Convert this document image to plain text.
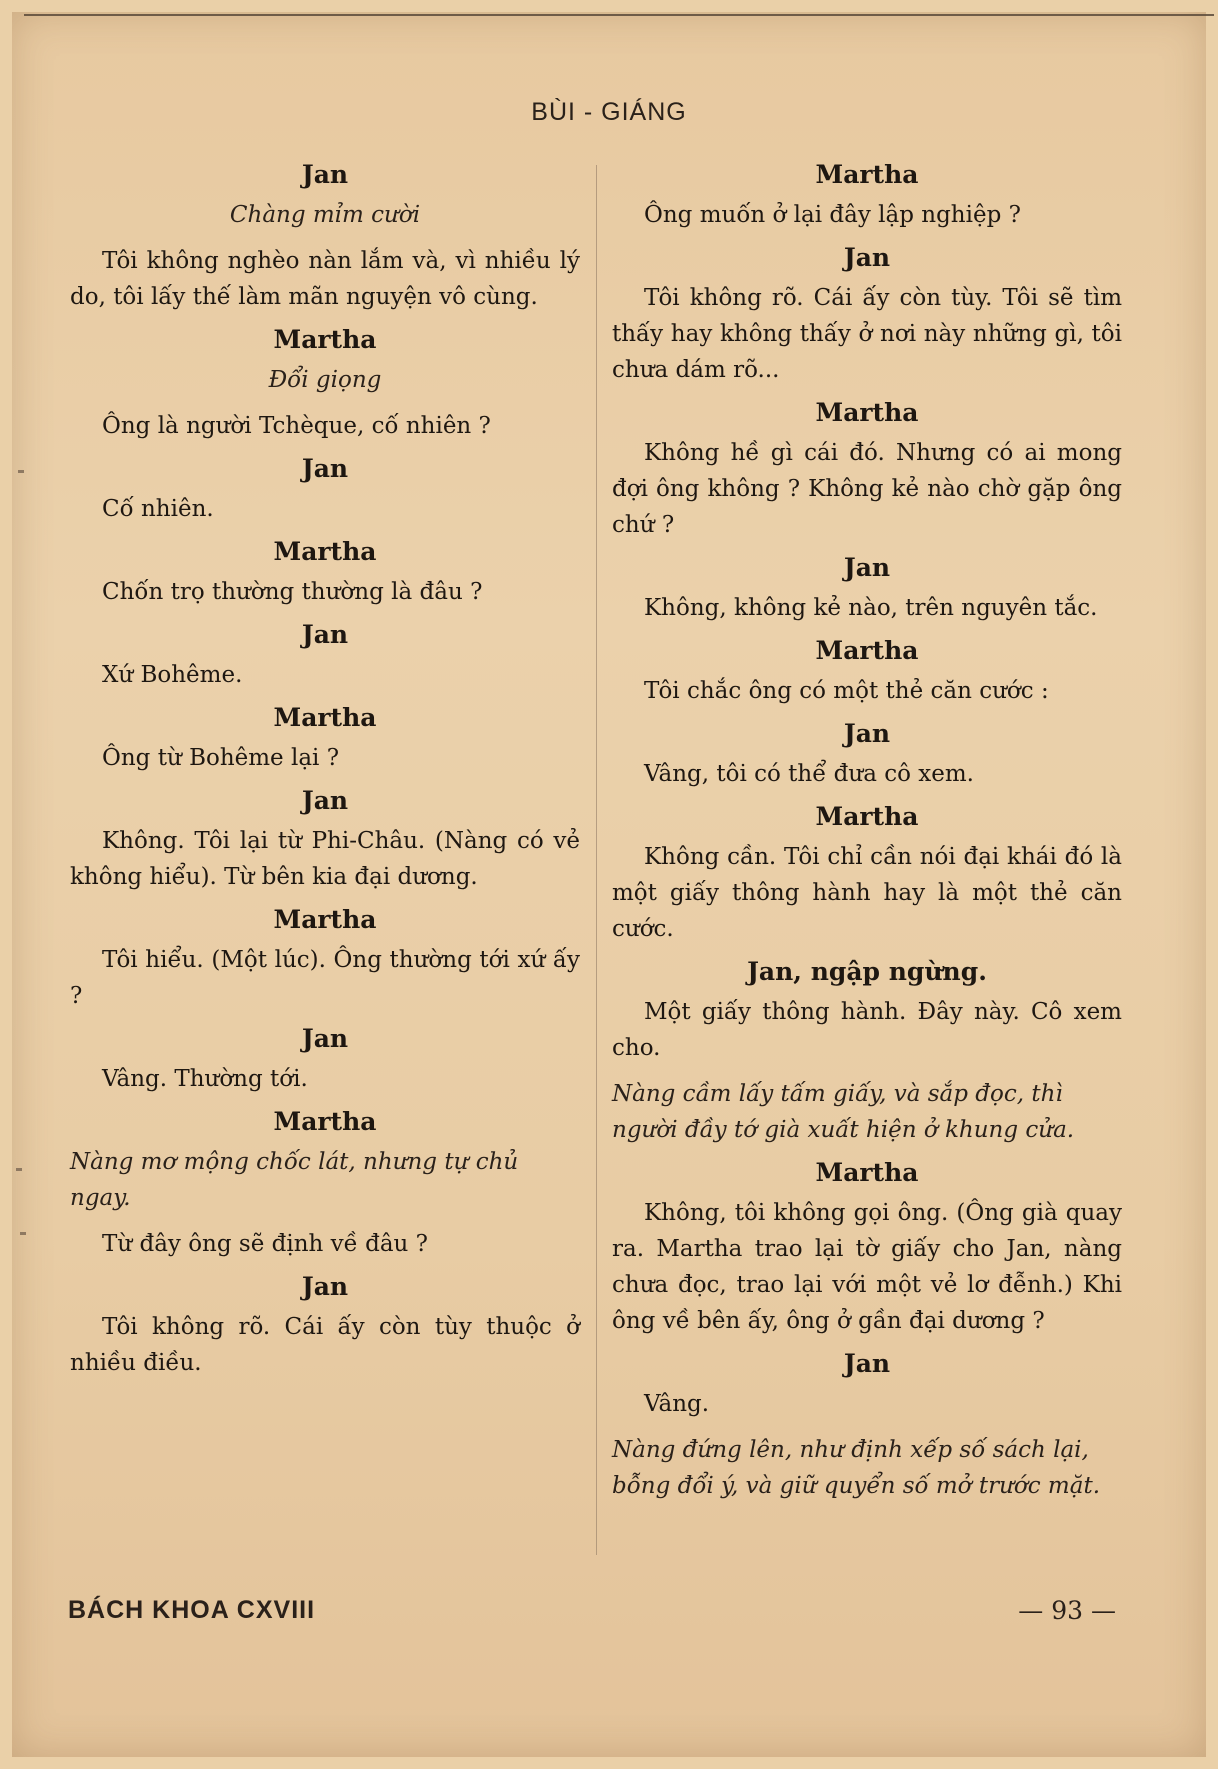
BÙI - GIÁNG
Jan
Chàng mỉm cười
Tôi không nghèo nàn lắm và, vì nhiều lý do, tôi lấy thế làm mãn nguyện vô cùng.
Martha
Đổi giọng
Ông là người Tchèque, cố nhiên ?
Jan
Cố nhiên.
Martha
Chốn trọ thường thường là đâu ?
Jan
Xứ Bohême.
Martha
Ông từ Bohême lại ?
Jan
Không. Tôi lại từ Phi-Châu. (Nàng có vẻ không hiểu). Từ bên kia đại dương.
Martha
Tôi hiểu. (Một lúc). Ông thường tới xứ ấy ?
Jan
Vâng. Thường tới.
Martha
Nàng mơ mộng chốc lát, nhưng tự chủ ngay.
Từ đây ông sẽ định về đâu ?
Jan
Tôi không rõ. Cái ấy còn tùy thuộc ở nhiều điều.
Martha
Ông muốn ở lại đây lập nghiệp ?
Jan
Tôi không rõ. Cái ấy còn tùy. Tôi sẽ tìm thấy hay không thấy ở nơi này những gì, tôi chưa dám rõ...
Martha
Không hề gì cái đó. Nhưng có ai mong đợi ông không ? Không kẻ nào chờ gặp ông chứ ?
Jan
Không, không kẻ nào, trên nguyên tắc.
Martha
Tôi chắc ông có một thẻ căn cước :
Jan
Vâng, tôi có thể đưa cô xem.
Martha
Không cần. Tôi chỉ cần nói đại khái đó là một giấy thông hành hay là một thẻ căn cước.
Jan, ngập ngừng.
Một giấy thông hành. Đây này. Cô xem cho.
Nàng cầm lấy tấm giấy, và sắp đọc, thì người đầy tớ già xuất hiện ở khung cửa.
Martha
Không, tôi không gọi ông. (Ông già quay ra. Martha trao lại tờ giấy cho Jan, nàng chưa đọc, trao lại với một vẻ lơ đễnh.) Khi ông về bên ấy, ông ở gần đại dương ?
Jan
Vâng.
Nàng đứng lên, như định xếp số sách lại, bỗng đổi ý, và giữ quyển số mở trước mặt.
BÁCH KHOA CXVIII	— 93 —
